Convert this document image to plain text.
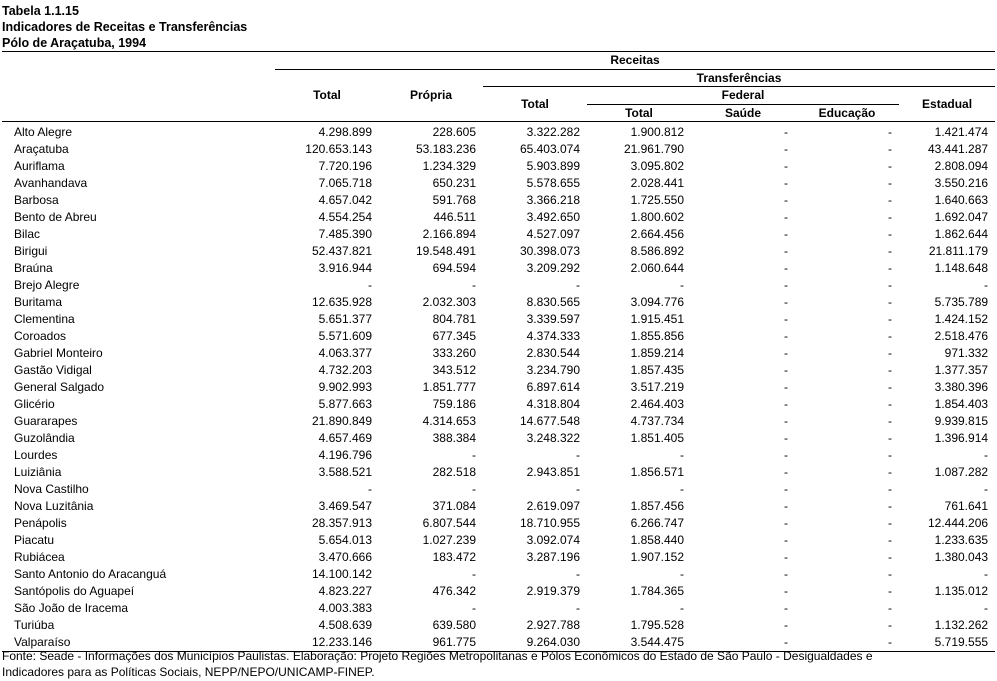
Tabela 1.1.15
Indicadores de Receitas e Transferências
Pólo de Araçatuba, 1994
	Receitas						
	Total	Própria	Transferências				
			Total	Federal			Estadual
				Total	Saúde	Educação	
Alto Alegre	4.298.899	228.605	3.322.282	1.900.812	-	-	1.421.474
Araçatuba	120.653.143	53.183.236	65.403.074	21.961.790	-	-	43.441.287
Auriflama	7.720.196	1.234.329	5.903.899	3.095.802	-	-	2.808.094
Avanhandava	7.065.718	650.231	5.578.655	2.028.441	-	-	3.550.216
Barbosa	4.657.042	591.768	3.366.218	1.725.550	-	-	1.640.663
Bento de Abreu	4.554.254	446.511	3.492.650	1.800.602	-	-	1.692.047
Bilac	7.485.390	2.166.894	4.527.097	2.664.456	-	-	1.862.644
Birigui	52.437.821	19.548.491	30.398.073	8.586.892	-	-	21.811.179
Braúna	3.916.944	694.594	3.209.292	2.060.644	-	-	1.148.648
Brejo Alegre	-	-	-	-	-	-	-
Buritama	12.635.928	2.032.303	8.830.565	3.094.776	-	-	5.735.789
Clementina	5.651.377	804.781	3.339.597	1.915.451	-	-	1.424.152
Coroados	5.571.609	677.345	4.374.333	1.855.856	-	-	2.518.476
Gabriel Monteiro	4.063.377	333.260	2.830.544	1.859.214	-	-	971.332
Gastão Vidigal	4.732.203	343.512	3.234.790	1.857.435	-	-	1.377.357
General Salgado	9.902.993	1.851.777	6.897.614	3.517.219	-	-	3.380.396
Glicério	5.877.663	759.186	4.318.804	2.464.403	-	-	1.854.403
Guararapes	21.890.849	4.314.653	14.677.548	4.737.734	-	-	9.939.815
Guzolândia	4.657.469	388.384	3.248.322	1.851.405	-	-	1.396.914
Lourdes	4.196.796	-	-	-	-	-	-
Luiziânia	3.588.521	282.518	2.943.851	1.856.571	-	-	1.087.282
Nova Castilho	-	-	-	-	-	-	-
Nova Luzitânia	3.469.547	371.084	2.619.097	1.857.456	-	-	761.641
Penápolis	28.357.913	6.807.544	18.710.955	6.266.747	-	-	12.444.206
Piacatu	5.654.013	1.027.239	3.092.074	1.858.440	-	-	1.233.635
Rubiácea	3.470.666	183.472	3.287.196	1.907.152	-	-	1.380.043
Santo Antonio do Aracanguá	14.100.142	-	-	-	-	-	-
Santópolis do Aguapeí	4.823.227	476.342	2.919.379	1.784.365	-	-	1.135.012
São João de Iracema	4.003.383	-	-	-	-	-	-
Turiúba	4.508.639	639.580	2.927.788	1.795.528	-	-	1.132.262
Valparaíso	12.233.146	961.775	9.264.030	3.544.475	-	-	5.719.555
Fonte: Seade - Informações dos Municípios Paulistas. Elaboração: Projeto Regiões Metropolitanas e Pólos Econômicos do Estado de São Paulo - Desigualdades e
Indicadores para as Políticas Sociais, NEPP/NEPO/UNICAMP-FINEP.
